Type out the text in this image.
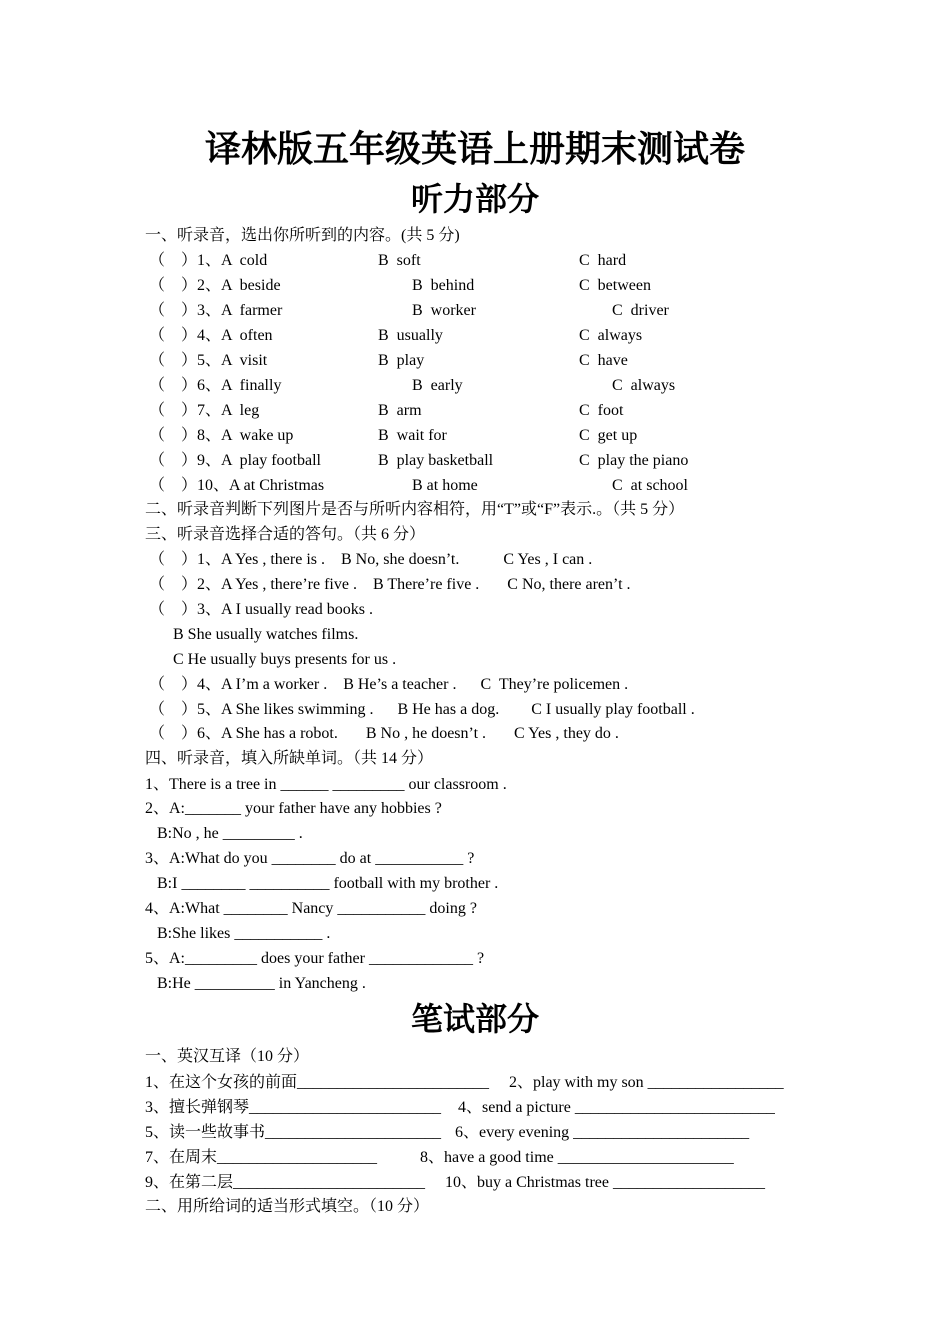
译林版五年级英语上册期末测试卷
听力部分
一、听录音，选出你所听到的内容。(共 5 分)
（    ）1、A  cold	B  soft	C  hard
（    ）2、A  beside	B  behind	C  between
（    ）3、A  farmer	B  worker	C  driver
（    ）4、A  often	B  usually	C  always
（    ）5、A  visit	B  play	C  have
（    ）6、A  finally	B  early	C  always
（    ）7、A  leg	B  arm	C  foot
（    ）8、A  wake up	B  wait for	C  get up
（    ）9、A  play football	B  play basketball	C  play the piano
（    ）10、A at Christmas	B at home	C  at school
二、听录音判断下列图片是否与所听内容相符，用“T”或“F”表示.。（共 5 分）
三、听录音选择合适的答句。（共 6 分）
（    ）1、A Yes , there is .    B No, she doesn’t.           C Yes , I can .
（    ）2、A Yes , there’re five .    B There’re five .       C No, there aren’t .
（    ）3、A I usually read books .
B She usually watches films.
C He usually buys presents for us .
（    ）4、A I’m a worker .    B He’s a teacher .      C  They’re policemen .
（    ）5、A She likes swimming .      B He has a dog.        C I usually play football .
（    ）6、A She has a robot.       B No , he doesn’t .       C Yes , they do .
四、听录音，填入所缺单词。（共 14 分）
1、There is a tree in ______ _________ our classroom .
2、A:_______ your father have any hobbies ?
B:No , he _________ .
3、A:What do you ________ do at ___________ ?
B:I ________ __________ football with my brother .
4、A:What ________ Nancy ___________ doing ?
B:She likes ___________ .
5、A:_________ does your father _____________ ?
B:He __________ in Yancheng .
笔试部分
一、英汉互译（10 分）
1、在这个女孩的前面________________________ 2、play with my son _________________
3、擅长弹钢琴________________________ 4、send a picture _________________________
5、读一些故事书______________________ 6、every evening ______________________
7、在周末____________________	8、have a good time ______________________
9、在第二层________________________ 10、buy a Christmas tree ___________________
二、用所给词的适当形式填空。（10 分）
